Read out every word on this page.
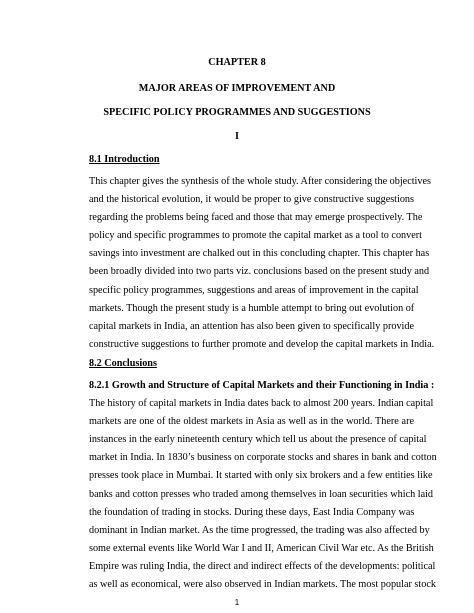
CHAPTER 8
MAJOR AREAS OF IMPROVEMENT AND
SPECIFIC POLICY PROGRAMMES AND SUGGESTIONS
I
8.1 Introduction
This chapter gives the synthesis of the whole study. After considering the objectives
and the historical evolution, it would be proper to give constructive suggestions
regarding the problems being faced and those that may emerge prospectively. The
policy and specific programmes to promote the capital market as a tool to convert
savings into investment are chalked out in this concluding chapter. This chapter has
been broadly divided into two parts viz. conclusions based on the present study and
specific policy programmes, suggestions and areas of improvement in the capital
markets. Though the present study is a humble attempt to bring out evolution of
capital markets in India, an attention has also been given to specifically provide
constructive suggestions to further promote and develop the capital markets in India.
8.2 Conclusions
8.2.1 Growth and Structure of Capital Markets and their Functioning in India :
The history of capital markets in India dates back to almost 200 years. Indian capital
markets are one of the oldest markets in Asia as well as in the world. There are
instances in the early nineteenth century which tell us about the presence of capital
market in India. In 1830’s business on corporate stocks and shares in bank and cotton
presses took place in Mumbai. It started with only six brokers and a few entities like
banks and cotton presses who traded among themselves in loan securities which laid
the foundation of trading in stocks. During these days, East India Company was
dominant in Indian market. As the time progressed, the trading was also affected by
some external events like World War I and II, American Civil War etc. As the British
Empire was ruling India, the direct and indirect effects of the developments: political
as well as economical, were also observed in Indian markets. The most popular stock
1
